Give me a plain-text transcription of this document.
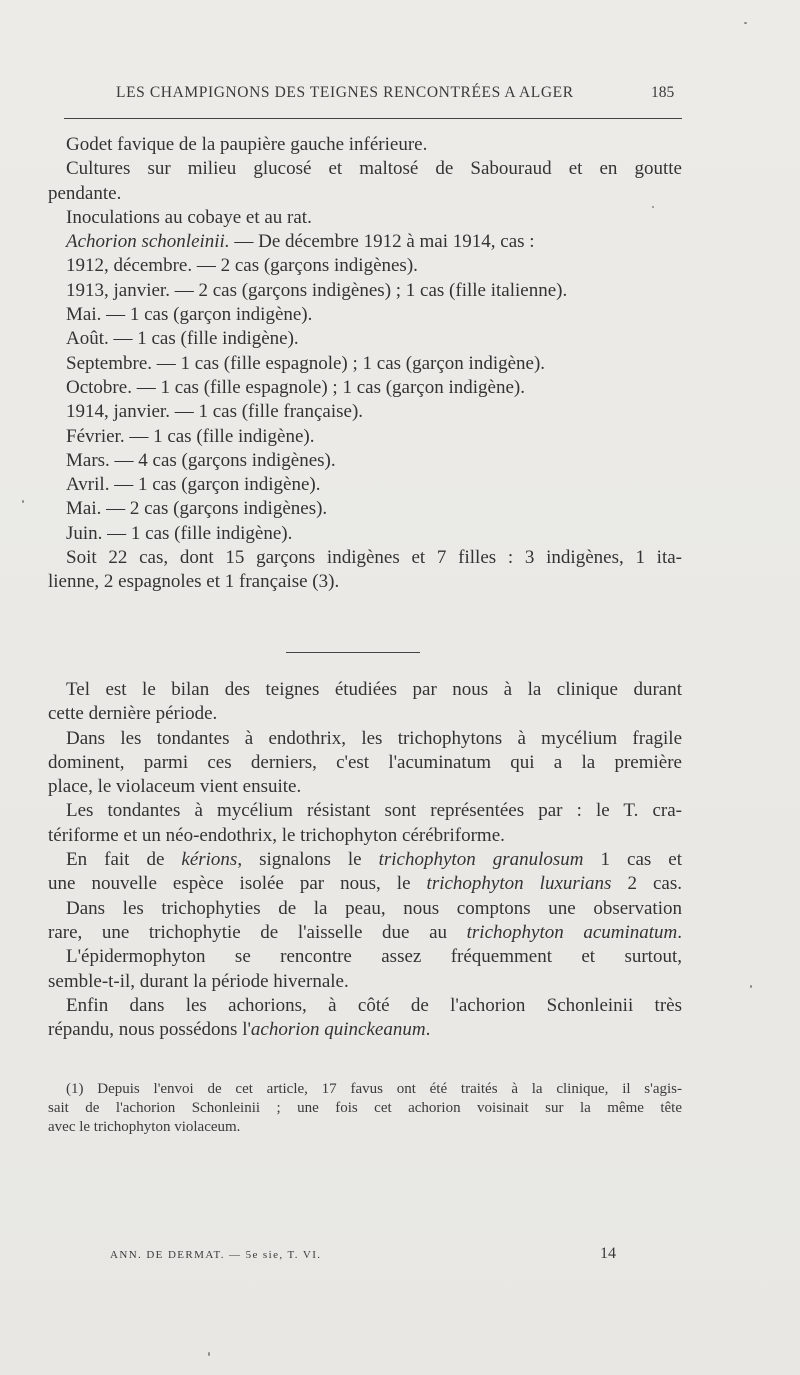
LES CHAMPIGNONS DES TEIGNES RENCONTRÉES A ALGER	185
Godet favique de la paupière gauche inférieure.
Cultures sur milieu glucosé et maltosé de Sabouraud et en goutte
pendante.
Inoculations au cobaye et au rat.
Achorion schonleinii. — De décembre 1912 à mai 1914, cas :
1912, décembre. — 2 cas (garçons indigènes).
1913, janvier. — 2 cas (garçons indigènes) ; 1 cas (fille italienne).
Mai. — 1 cas (garçon indigène).
Août. — 1 cas (fille indigène).
Septembre. — 1 cas (fille espagnole) ; 1 cas (garçon indigène).
Octobre. — 1 cas (fille espagnole) ; 1 cas (garçon indigène).
1914, janvier. — 1 cas (fille française).
Février. — 1 cas (fille indigène).
Mars. — 4 cas (garçons indigènes).
Avril. — 1 cas (garçon indigène).
Mai. — 2 cas (garçons indigènes).
Juin. — 1 cas (fille indigène).
Soit 22 cas, dont 15 garçons indigènes et 7 filles : 3 indigènes, 1 ita-
lienne, 2 espagnoles et 1 française (3).
Tel est le bilan des teignes étudiées par nous à la clinique durant
cette dernière période.
Dans les tondantes à endothrix, les trichophytons à mycélium fragile
dominent, parmi ces derniers, c'est l'acuminatum qui a la première
place, le violaceum vient ensuite.
Les tondantes à mycélium résistant sont représentées par : le T. cra-
tériforme et un néo-endothrix, le trichophyton cérébriforme.
En fait de kérions, signalons le trichophyton granulosum 1 cas et
une nouvelle espèce isolée par nous, le trichophyton luxurians 2 cas.
Dans les trichophyties de la peau, nous comptons une observation
rare, une trichophytie de l'aisselle due au trichophyton acuminatum.
L'épidermophyton se rencontre assez fréquemment et surtout,
semble-t-il, durant la période hivernale.
Enfin dans les achorions, à côté de l'achorion Schonleinii très
répandu, nous possédons l'achorion quinckeanum.
(1) Depuis l'envoi de cet article, 17 favus ont été traités à la clinique, il s'agis-
sait de l'achorion Schonleinii ; une fois cet achorion voisinait sur la même tête
avec le trichophyton violaceum.
ANN. DE DERMAT. — 5e sie, T. VI.	14
